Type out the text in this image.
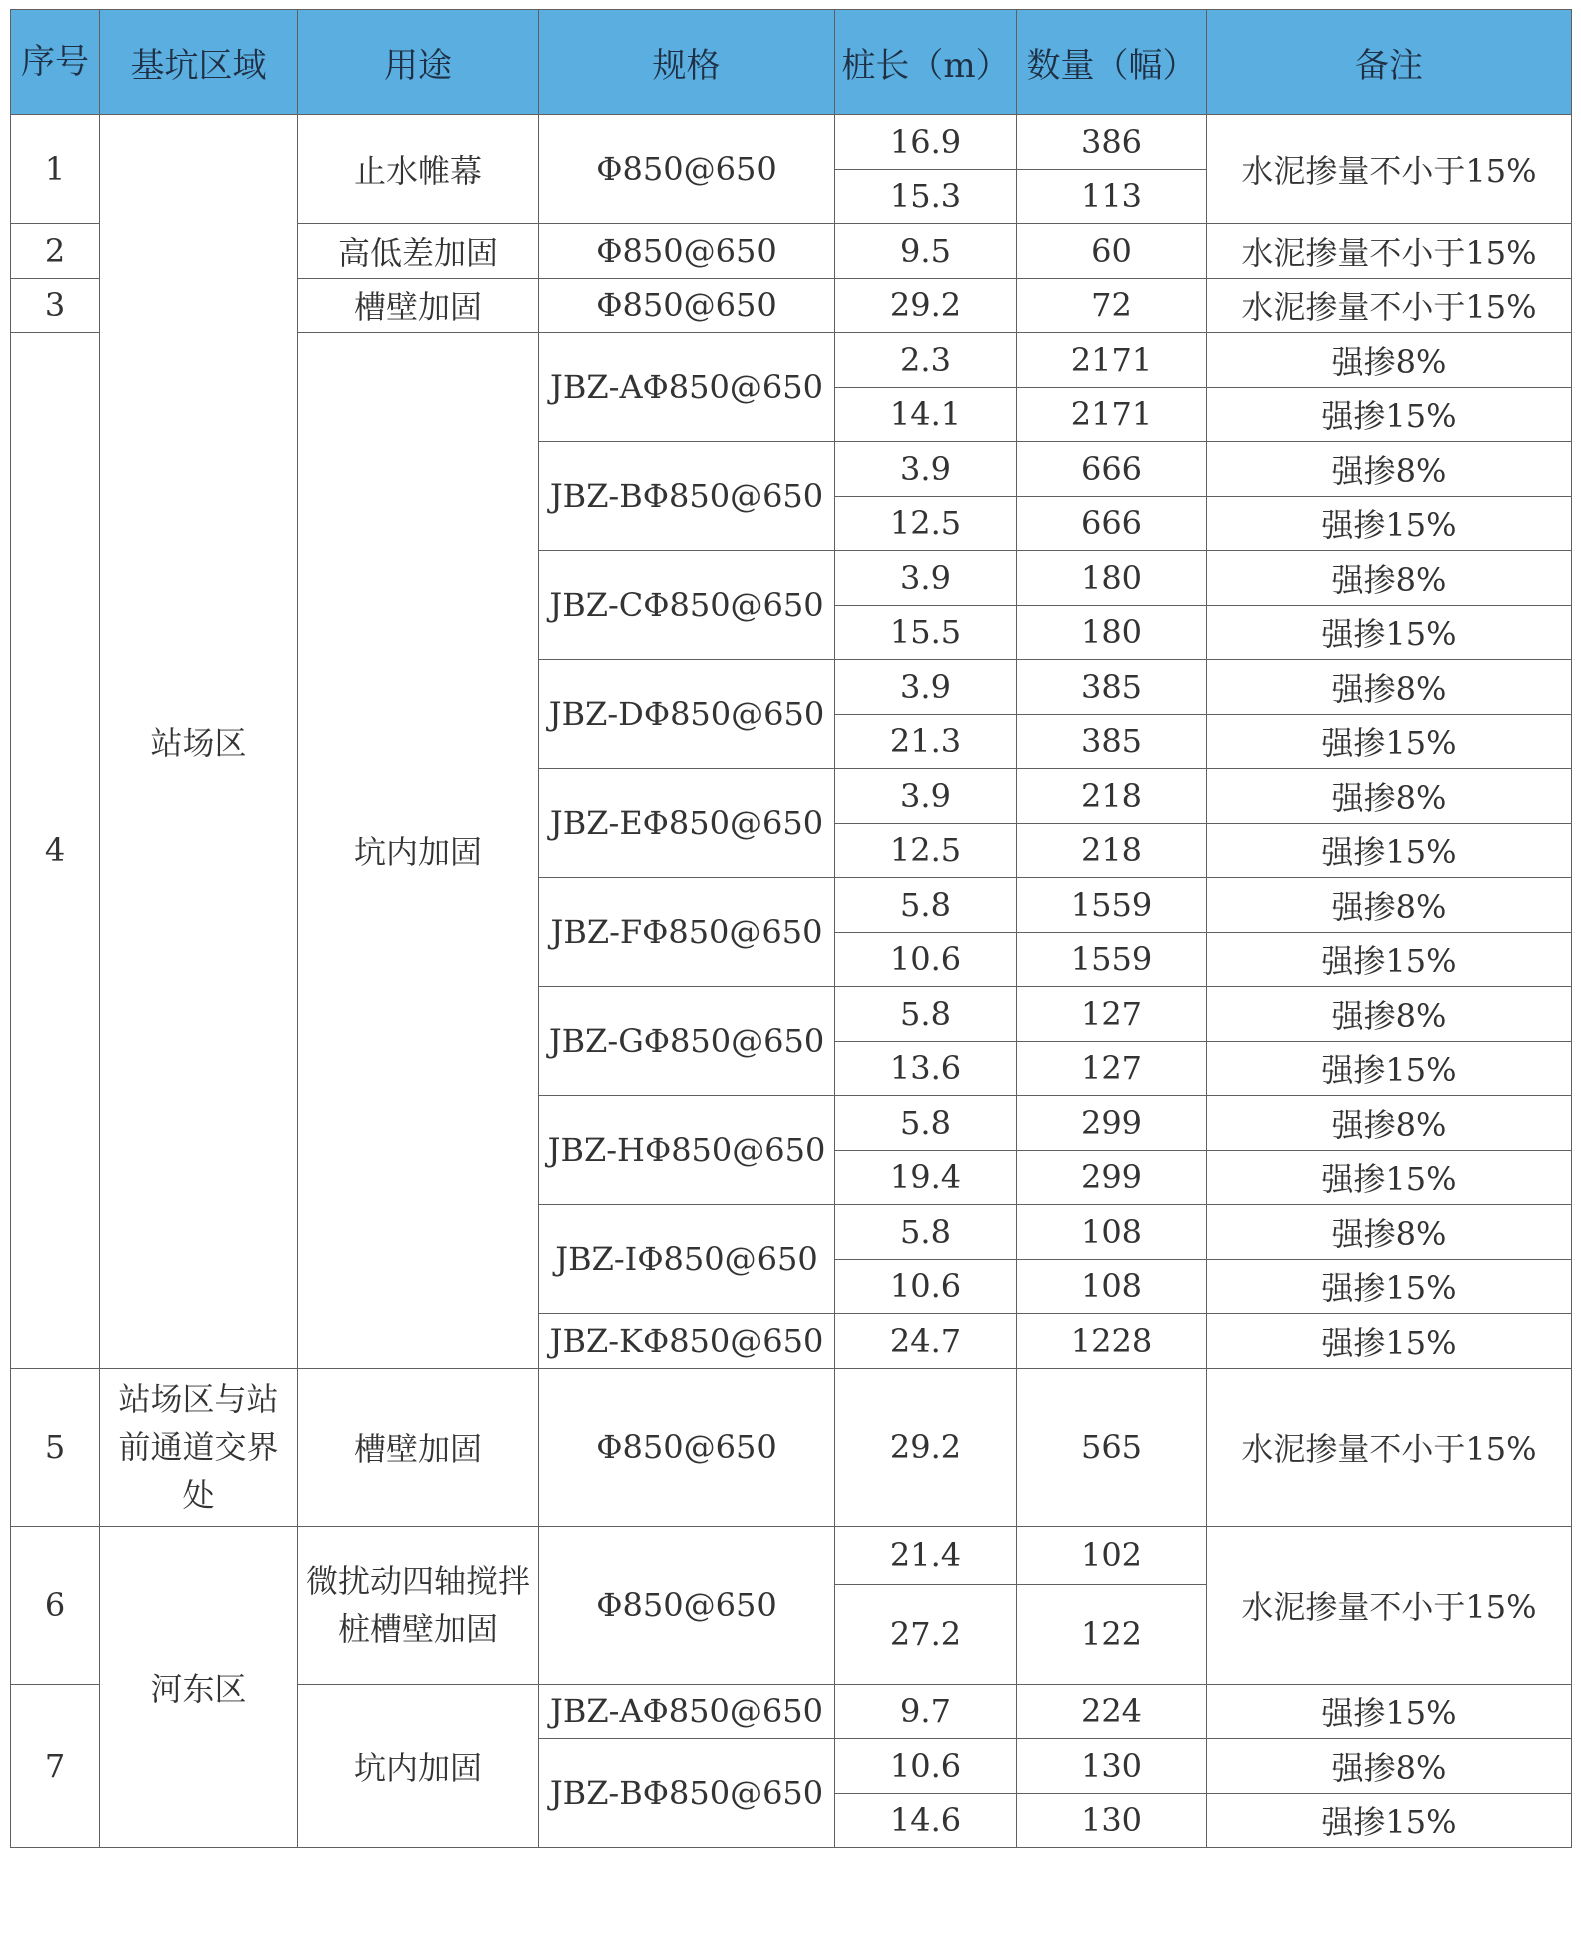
序号	基坑区域	用途	规格	桩长（m）	数量（幅）	备注
1	站场区	止水帷幕	Φ850@650	16.9	386	水泥掺量不小于15%
				15.3	113	
2		高低差加固	Φ850@650	9.5	60	水泥掺量不小于15%
3		槽壁加固	Φ850@650	29.2	72	水泥掺量不小于15%
4		坑内加固	JBZ-AΦ850@650	2.3	2171	强掺8%
				14.1	2171	强掺15%
			JBZ-BΦ850@650	3.9	666	强掺8%
				12.5	666	强掺15%
			JBZ-CΦ850@650	3.9	180	强掺8%
				15.5	180	强掺15%
			JBZ-DΦ850@650	3.9	385	强掺8%
				21.3	385	强掺15%
			JBZ-EΦ850@650	3.9	218	强掺8%
				12.5	218	强掺15%
			JBZ-FΦ850@650	5.8	1559	强掺8%
				10.6	1559	强掺15%
			JBZ-GΦ850@650	5.8	127	强掺8%
				13.6	127	强掺15%
			JBZ-HΦ850@650	5.8	299	强掺8%
				19.4	299	强掺15%
			JBZ-IΦ850@650	5.8	108	强掺8%
				10.6	108	强掺15%
			JBZ-KΦ850@650	24.7	1228	强掺15%
5	站场区与站前通道交界处	槽壁加固	Φ850@650	29.2	565	水泥掺量不小于15%
6	河东区	微扰动四轴搅拌桩槽壁加固	Φ850@650	21.4	102	水泥掺量不小于15%
				27.2	122	
7		坑内加固	JBZ-AΦ850@650	9.7	224	强掺15%
			JBZ-BΦ850@650	10.6	130	强掺8%
				14.6	130	强掺15%
